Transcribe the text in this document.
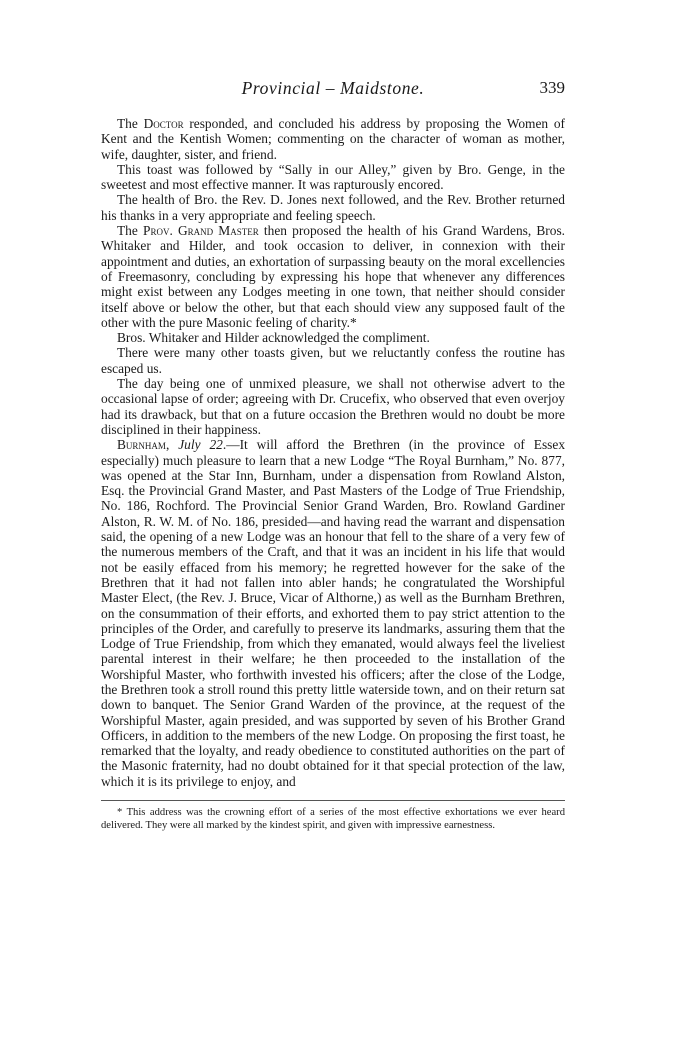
Provincial – Maidstone.	339

The Doctor responded, and concluded his address by proposing the Women of Kent and the Kentish Women; commenting on the character of woman as mother, wife, daughter, sister, and friend.

This toast was followed by “Sally in our Alley,” given by Bro. Genge, in the sweetest and most effective manner. It was rapturously encored.

The health of Bro. the Rev. D. Jones next followed, and the Rev. Brother returned his thanks in a very appropriate and feeling speech.

The Prov. Grand Master then proposed the health of his Grand Wardens, Bros. Whitaker and Hilder, and took occasion to deliver, in connexion with their appointment and duties, an exhortation of surpassing beauty on the moral excellencies of Freemasonry, concluding by expressing his hope that whenever any differences might exist between any Lodges meeting in one town, that neither should consider itself above or below the other, but that each should view any supposed fault of the other with the pure Masonic feeling of charity.*

Bros. Whitaker and Hilder acknowledged the compliment.

There were many other toasts given, but we reluctantly confess the routine has escaped us.

The day being one of unmixed pleasure, we shall not otherwise advert to the occasional lapse of order; agreeing with Dr. Crucefix, who observed that even overjoy had its drawback, but that on a future occasion the Brethren would no doubt be more disciplined in their happiness.

Burnham, July 22.—It will afford the Brethren (in the province of Essex especially) much pleasure to learn that a new Lodge “The Royal Burnham,” No. 877, was opened at the Star Inn, Burnham, under a dispensation from Rowland Alston, Esq. the Provincial Grand Master, and Past Masters of the Lodge of True Friendship, No. 186, Rochford. The Provincial Senior Grand Warden, Bro. Rowland Gardiner Alston, R. W. M. of No. 186, presided—and having read the warrant and dispensation said, the opening of a new Lodge was an honour that fell to the share of a very few of the numerous members of the Craft, and that it was an incident in his life that would not be easily effaced from his memory; he regretted however for the sake of the Brethren that it had not fallen into abler hands; he congratulated the Worshipful Master Elect, (the Rev. J. Bruce, Vicar of Althorne,) as well as the Burnham Brethren, on the consummation of their efforts, and exhorted them to pay strict attention to the principles of the Order, and carefully to preserve its landmarks, assuring them that the Lodge of True Friendship, from which they emanated, would always feel the liveliest parental interest in their welfare; he then proceeded to the installation of the Worshipful Master, who forthwith invested his officers; after the close of the Lodge, the Brethren took a stroll round this pretty little waterside town, and on their return sat down to banquet. The Senior Grand Warden of the province, at the request of the Worshipful Master, again presided, and was supported by seven of his Brother Grand Officers, in addition to the members of the new Lodge. On proposing the first toast, he remarked that the loyalty, and ready obedience to constituted authorities on the part of the Masonic fraternity, had no doubt obtained for it that special protection of the law, which it is its privilege to enjoy, and

* This address was the crowning effort of a series of the most effective exhortations we ever heard delivered. They were all marked by the kindest spirit, and given with impressive earnestness.
